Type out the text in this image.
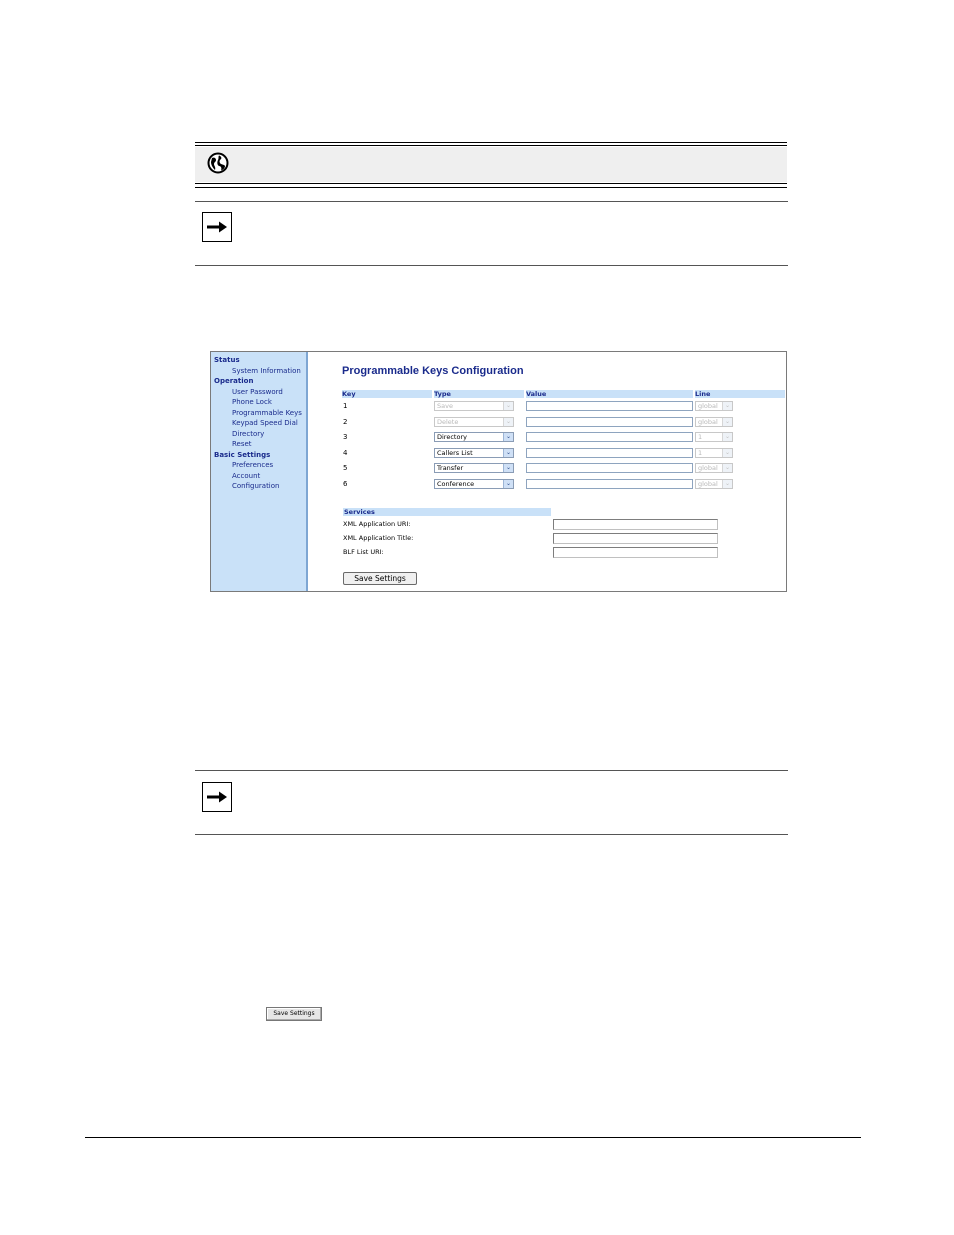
Status
System Information
Operation
User Password
Phone Lock
Programmable Keys
Keypad Speed Dial
Directory
Reset
Basic Settings
Preferences
Account Configuration
Programmable Keys Configuration
Key	Type	Value	Line
1	Save	⌄	global	⌄
2	Delete	⌄	global	⌄
3	Directory	⌄	1	⌄
4	Callers List	⌄	1	⌄
5	Transfer	⌄	global	⌄
6	Conference	⌄	global	⌄
Services
XML Application URI:
XML Application Title:
BLF List URI:
Save Settings
Save Settings
